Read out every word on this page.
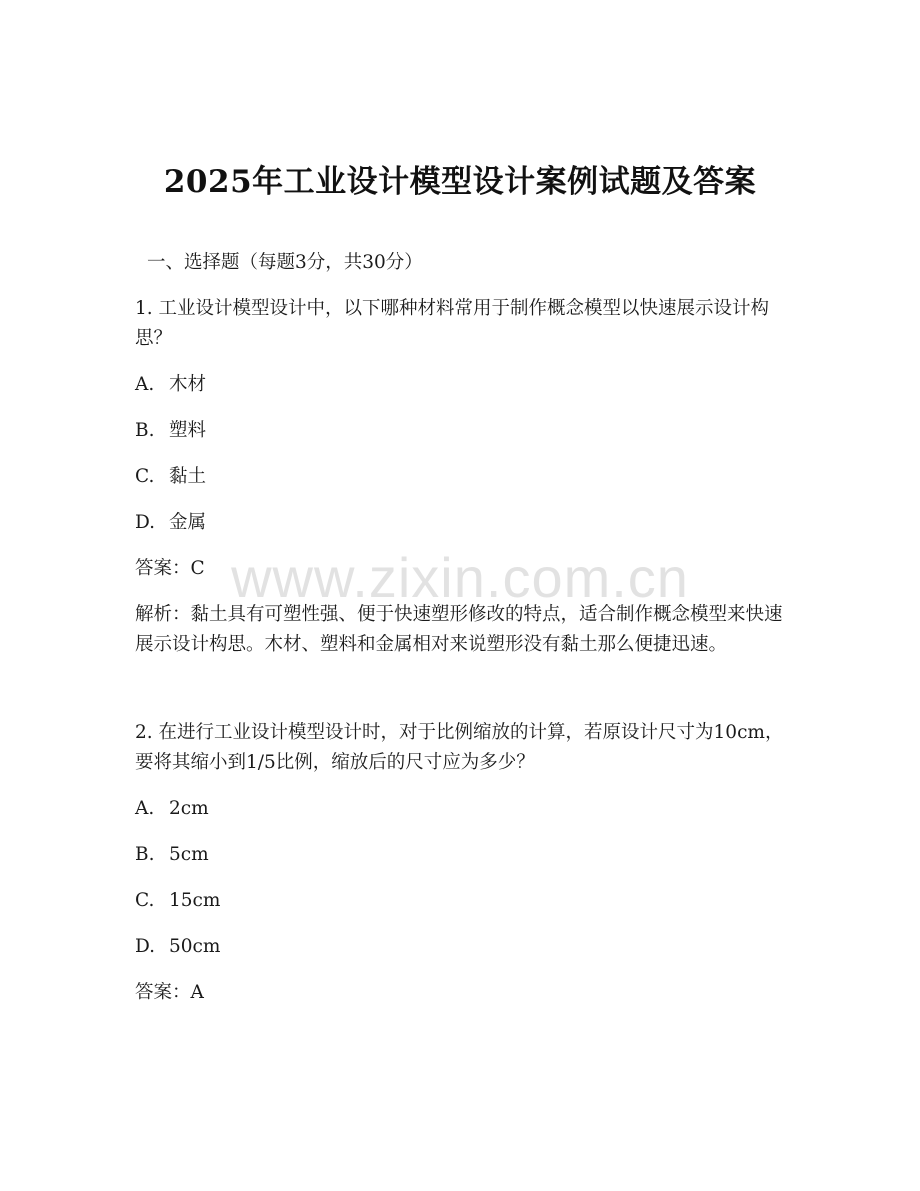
www.zixin.com.cn
2025年工业设计模型设计案例试题及答案
一、选择题（每题3分，共30分）
1. 工业设计模型设计中，以下哪种材料常用于制作概念模型以快速展示设计构思？
A. 木材
B. 塑料
C. 黏土
D. 金属
答案：C
解析：黏土具有可塑性强、便于快速塑形修改的特点，适合制作概念模型来快速展示设计构思。木材、塑料和金属相对来说塑形没有黏土那么便捷迅速。
2. 在进行工业设计模型设计时，对于比例缩放的计算，若原设计尺寸为10cm，要将其缩小到1/5比例，缩放后的尺寸应为多少？
A. 2cm
B. 5cm
C. 15cm
D. 50cm
答案：A
